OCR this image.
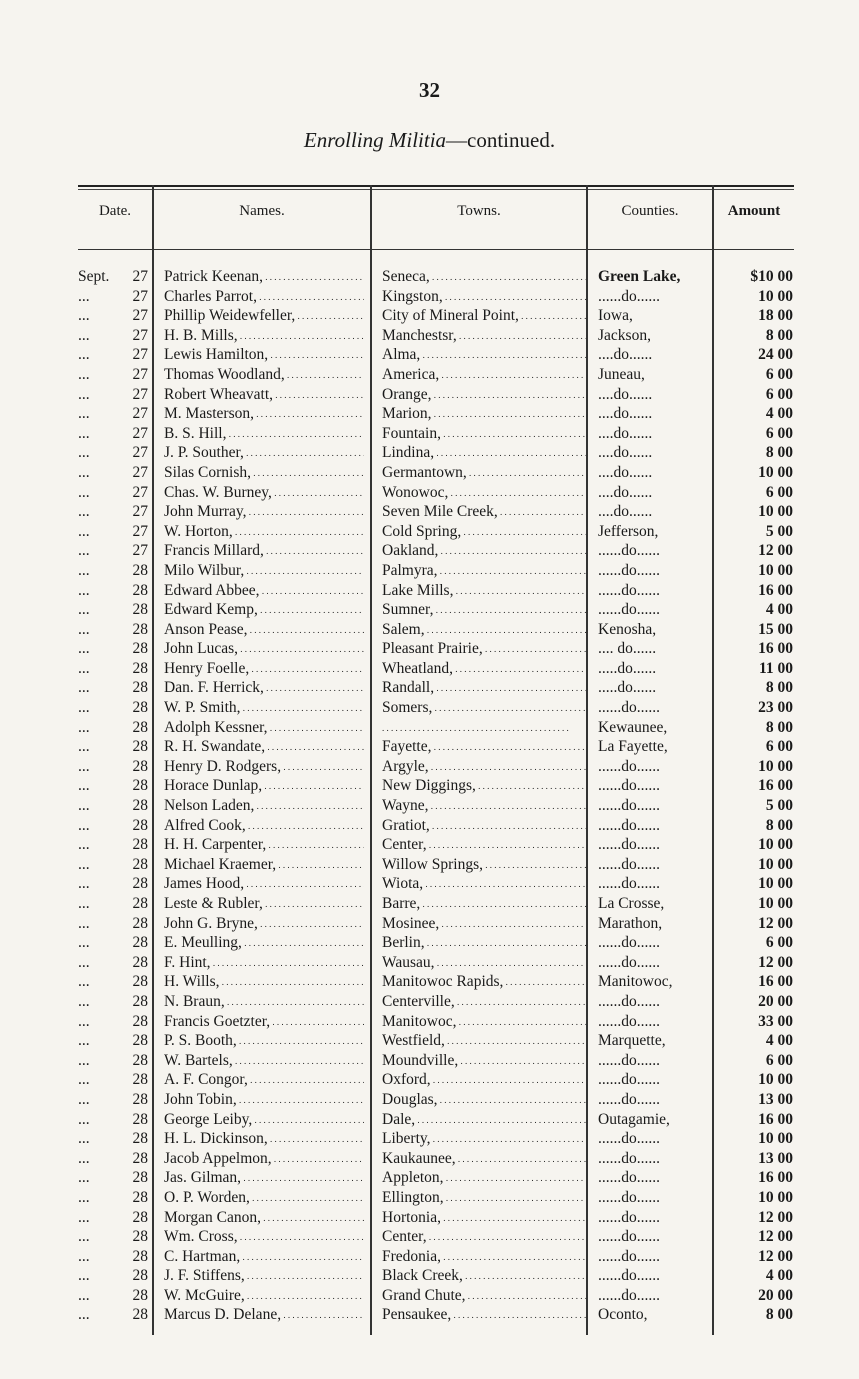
32
Enrolling Militia—continued.
Date.	Names.	Towns.	Counties.	Amount
Sept.	27 Patrick Keenan, . . .	Seneca, . . .	Green Lake,	$10 00
...	27 Charles Parrot, . . .	Kingston, . . .	......do......	10 00
...	27 Phillip Weidewfeller, . . .	City of Mineral Point, . . .	Iowa,	18 00
...	27 H. B. Mills, . . .	Manchestsr, . . .	Jackson,	8 00
...	27 Lewis Hamilton, . . .	Alma, . . .	....do......	24 00
...	27 Thomas Woodland, . . .	America, . . .	Juneau,	6 00
...	27 Robert Wheavatt, . . .	Orange, . . .	....do......	6 00
...	27 M. Masterson, . . .	Marion, . . .	....do......	4 00
...	27 B. S. Hill, . . .	Fountain, . . .	....do......	6 00
...	27 J. P. Souther, . . .	Lindina, . . .	....do......	8 00
...	27 Silas Cornish, . . .	Germantown, . . .	....do......	10 00
...	27 Chas. W. Burney, . . .	Wonowoc, . . .	....do......	6 00
...	27 John Murray, . . .	Seven Mile Creek, . . .	....do......	10 00
...	27 W. Horton, . . .	Cold Spring, . . .	Jefferson,	5 00
...	27 Francis Millard, . . .	Oakland, . . .	......do......	12 00
...	28 Milo Wilbur, . . .	Palmyra, . . .	......do......	10 00
...	28 Edward Abbee, . . .	Lake Mills, . . .	......do......	16 00
...	28 Edward Kemp, . . .	Sumner, . . .	......do......	4 00
...	28 Anson Pease, . . .	Salem, . . .	Kenosha,	15 00
...	28 John Lucas, . . .	Pleasant Prairie, . . .	.... do......	16 00
...	28 Henry Foelle, . . .	Wheatland, . . .	.....do......	11 00
...	28 Dan. F. Herrick, . . .	Randall, . . .	.....do......	8 00
...	28 W. P. Smith, . . .	Somers, . . .	......do......	23 00
...	28 Adolph Kessner, . . .
. . .	Kewaunee,	8 00
...	28 R. H. Swandate, . . .	Fayette, . . .	La Fayette,	6 00
...	28 Henry D. Rodgers, . . .	Argyle, . . .	......do......	10 00
...	28 Horace Dunlap, . . .	New Diggings, . . .	......do......	16 00
...	28 Nelson Laden, . . .	Wayne, . . .	......do......	5 00
...	28 Alfred Cook, . . .	Gratiot, . . .	......do......	8 00
...	28 H. H. Carpenter, . . .	Center, . . .	......do......	10 00
...	28 Michael Kraemer, . . .	Willow Springs, . . .	......do......	10 00
...	28 James Hood, . . .	Wiota, . . .	......do......	10 00
...	28 Leste & Rubler, . . .	Barre, . . .	La Crosse,	10 00
...	28 John G. Bryne, . . .	Mosinee, . . .	Marathon,	12 00
...	28 E. Meulling, . . .	Berlin, . . .	......do......	6 00
...	28 F. Hint, . . .	Wausau, . . .	......do......	12 00
...	28 H. Wills, . . .	Manitowoc Rapids, . . .	Manitowoc,	16 00
...	28 N. Braun, . . .	Centerville, . . .	......do......	20 00
...	28 Francis Goetzter, . . .	Manitowoc, . . .	......do......	33 00
...	28 P. S. Booth, . . .	Westfield, . . .	Marquette,	4 00
...	28 W. Bartels, . . .	Moundville, . . .	......do......	6 00
...	28 A. F. Congor, . . .	Oxford, . . .	......do......	10 00
...	28 John Tobin, . . .	Douglas, . . .	......do......	13 00
...	28 George Leiby, . . .	Dale, . . .	Outagamie,	16 00
...	28 H. L. Dickinson, . . .	Liberty, . . .	......do......	10 00
...	28 Jacob Appelmon, . . .	Kaukaunee, . . .	......do......	13 00
...	28 Jas. Gilman, . . .	Appleton, . . .	......do......	16 00
...	28 O. P. Worden, . . .	Ellington, . . .	......do......	10 00
...	28 Morgan Canon, . . .	Hortonia, . . .	......do......	12 00
...	28 Wm. Cross, . . .	Center, . . .	......do......	12 00
...	28 C. Hartman, . . .	Fredonia, . . .	......do......	12 00
...	28 J. F. Stiffens, . . .	Black Creek, . . .	......do......	4 00
...	28 W. McGuire, . . .	Grand Chute, . . .	......do......	20 00
...	28 Marcus D. Delane, . . .	Pensaukee, . . .	Oconto,	8 00
